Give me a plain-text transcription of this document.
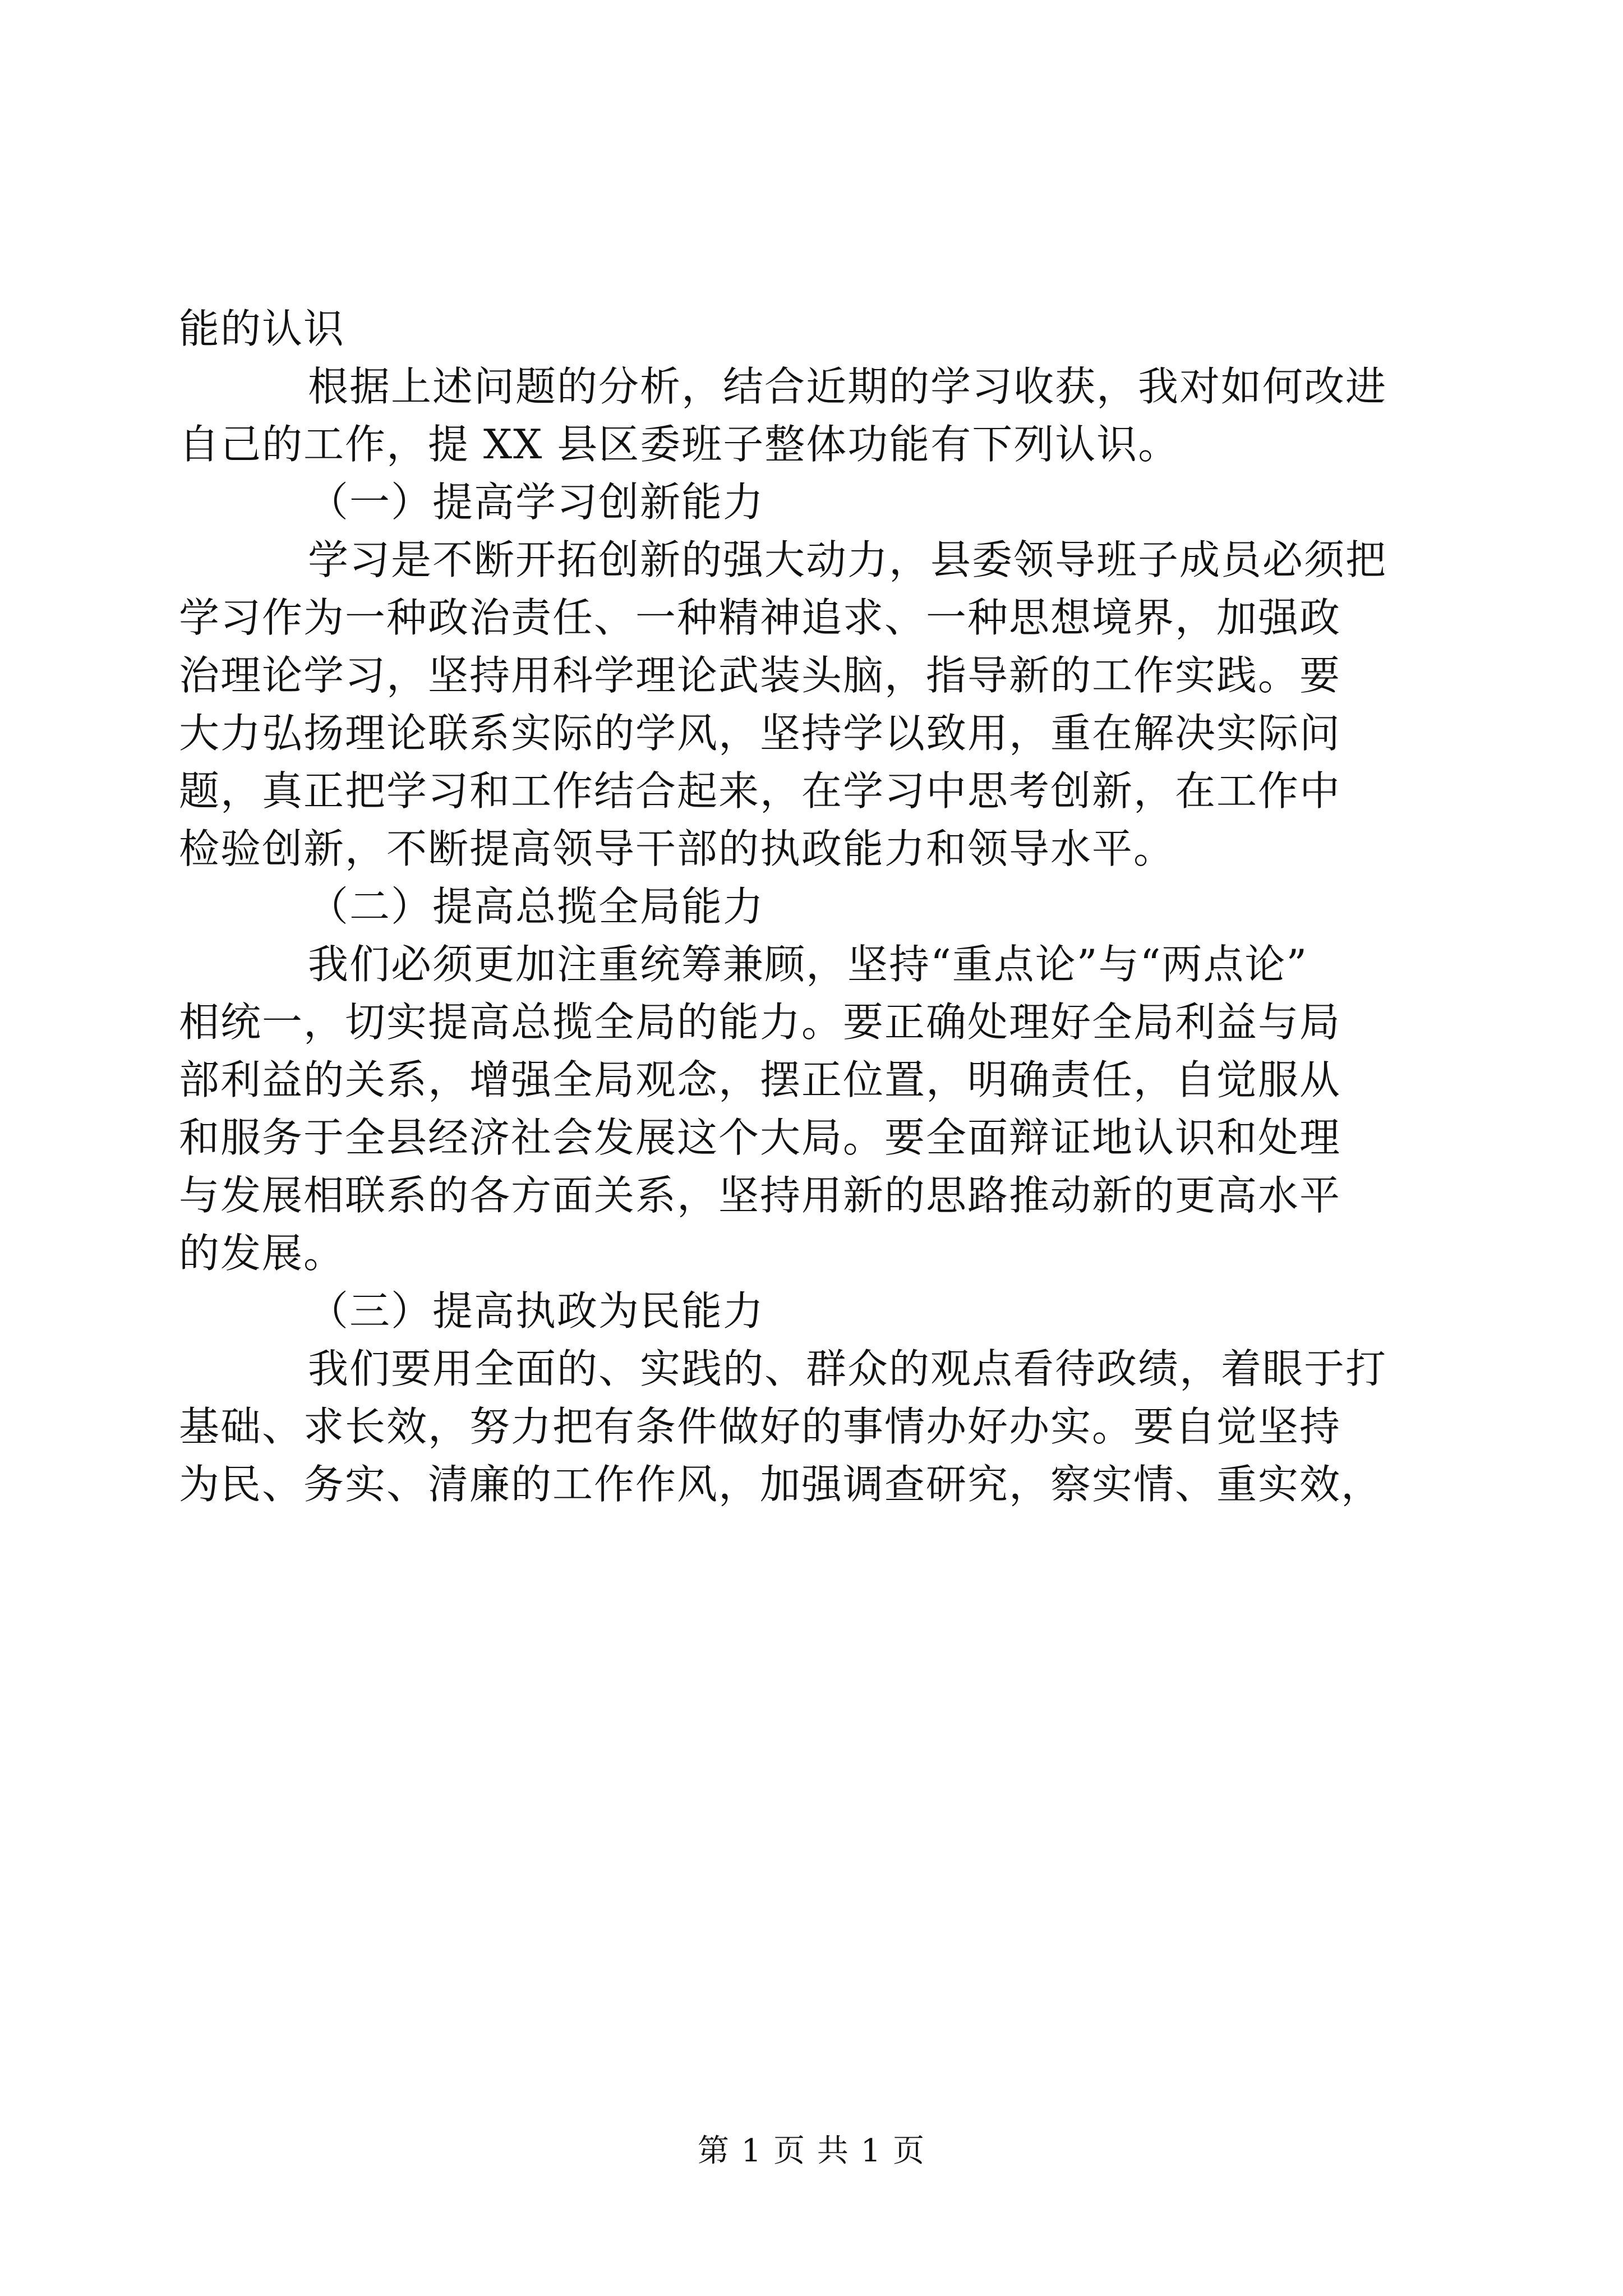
能的认识
根据上述问题的分析，结合近期的学习收获，我对如何改进
自己的工作，提 XX 县区委班子整体功能有下列认识。
（一）提高学习创新能力
学习是不断开拓创新的强大动力，县委领导班子成员必须把
学习作为一种政治责任、一种精神追求、一种思想境界，加强政
治理论学习，坚持用科学理论武装头脑，指导新的工作实践。要
大力弘扬理论联系实际的学风，坚持学以致用，重在解决实际问
题，真正把学习和工作结合起来，在学习中思考创新，在工作中
检验创新，不断提高领导干部的执政能力和领导水平。
（二）提高总揽全局能力
我们必须更加注重统筹兼顾，坚持“重点论”与“两点论”
相统一，切实提高总揽全局的能力。要正确处理好全局利益与局
部利益的关系，增强全局观念，摆正位置，明确责任，自觉服从
和服务于全县经济社会发展这个大局。要全面辩证地认识和处理
与发展相联系的各方面关系，坚持用新的思路推动新的更高水平
的发展。
（三）提高执政为民能力
我们要用全面的、实践的、群众的观点看待政绩，着眼于打
基础、求长效，努力把有条件做好的事情办好办实。要自觉坚持
为民、务实、清廉的工作作风，加强调查研究，察实情、重实效，
第 1 页 共 1 页
